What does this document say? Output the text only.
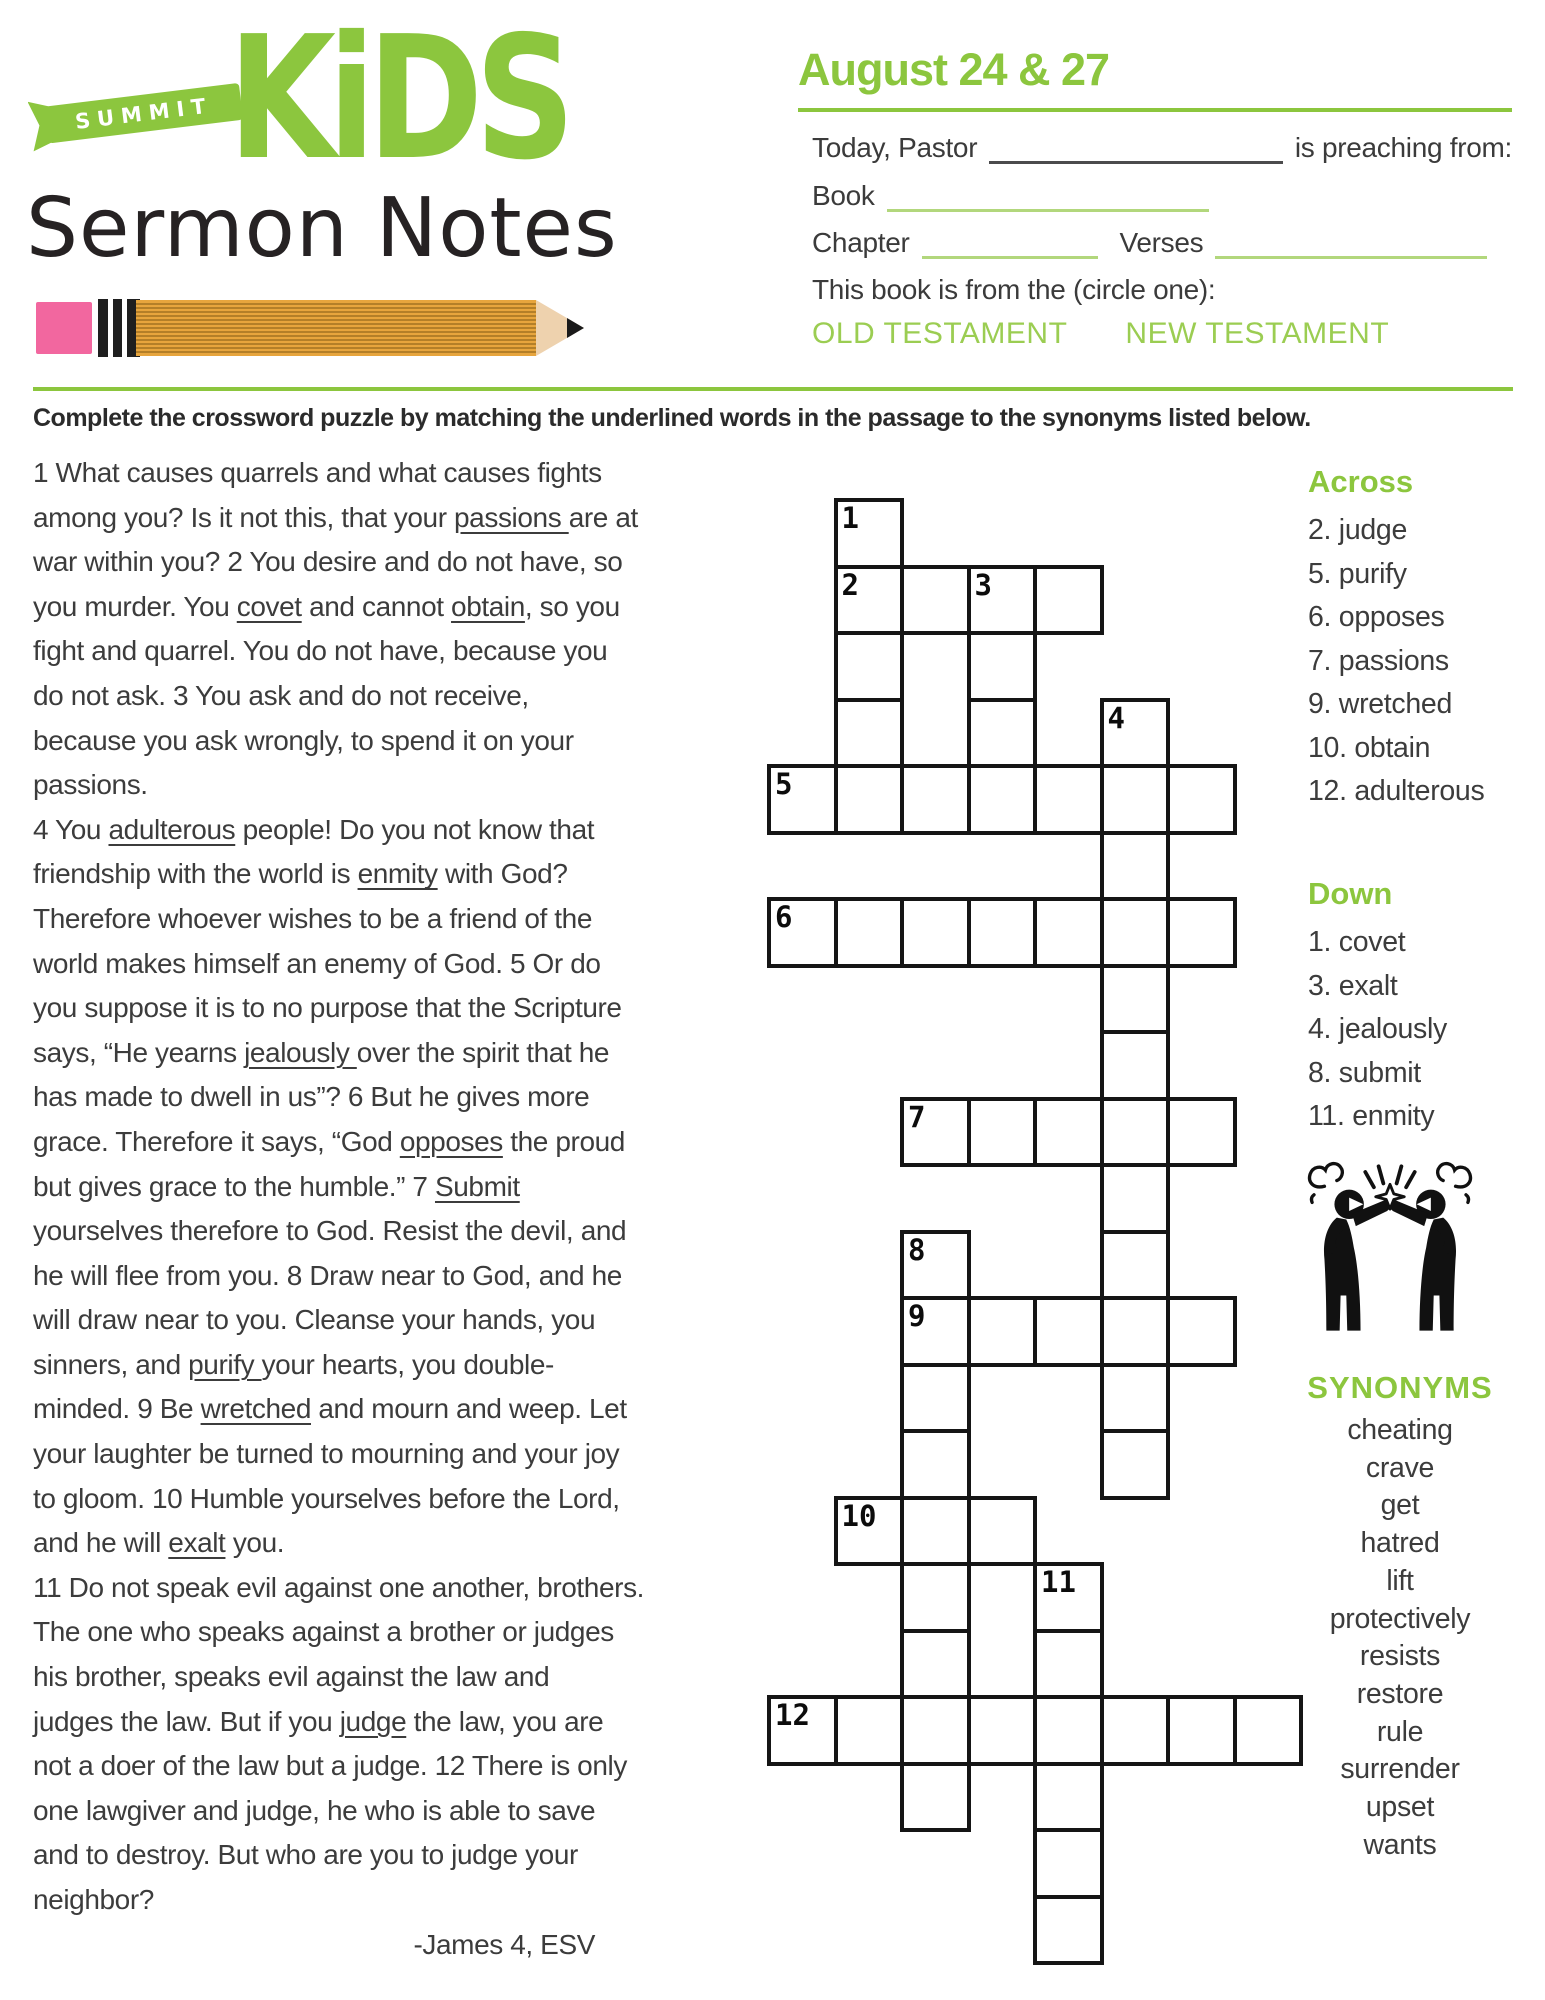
SUMMIT KiDS
Sermon Notes
August 24 & 27
Today, Pastor	is preaching from:
Book
Chapter	Verses
This book is from the (circle one):
OLD TESTAMENT NEW TESTAMENT
Complete the crossword puzzle by matching the underlined words in the passage to the synonyms listed below.
1 What causes quarrels and what causes fights
among you? Is it not this, that your passions are at
war within you? 2 You desire and do not have, so
you murder. You covet and cannot obtain, so you
fight and quarrel. You do not have, because you
do not ask. 3 You ask and do not receive,
because you ask wrongly, to spend it on your
passions.
4 You adulterous people! Do you not know that
friendship with the world is enmity with God?
Therefore whoever wishes to be a friend of the
world makes himself an enemy of God. 5 Or do
you suppose it is to no purpose that the Scripture
says, “He yearns jealously over the spirit that he
has made to dwell in us”? 6 But he gives more
grace. Therefore it says, “God opposes the proud
but gives grace to the humble.” 7 Submit
yourselves therefore to God. Resist the devil, and
he will flee from you. 8 Draw near to God, and he
will draw near to you. Cleanse your hands, you
sinners, and purify your hearts, you double-
minded. 9 Be wretched and mourn and weep. Let
your laughter be turned to mourning and your joy
to gloom. 10 Humble yourselves before the Lord,
and he will exalt you.
11 Do not speak evil against one another, brothers.
The one who speaks against a brother or judges
his brother, speaks evil against the law and
judges the law. But if you judge the law, you are
not a doer of the law but a judge. 12 There is only
one lawgiver and judge, he who is able to save
and to destroy. But who are you to judge your
neighbor?
-James 4, ESV
1
2	3
4
5
6
7
8
9
10
11
12
Across
2. judge
5. purify
6. opposes
7. passions
9. wretched
10. obtain
12. adulterous
Down
1. covet
3. exalt
4. jealously
8. submit
11. enmity
SYNONYMS
cheating
crave
get
hatred
lift
protectively
resists
restore
rule
surrender
upset
wants
